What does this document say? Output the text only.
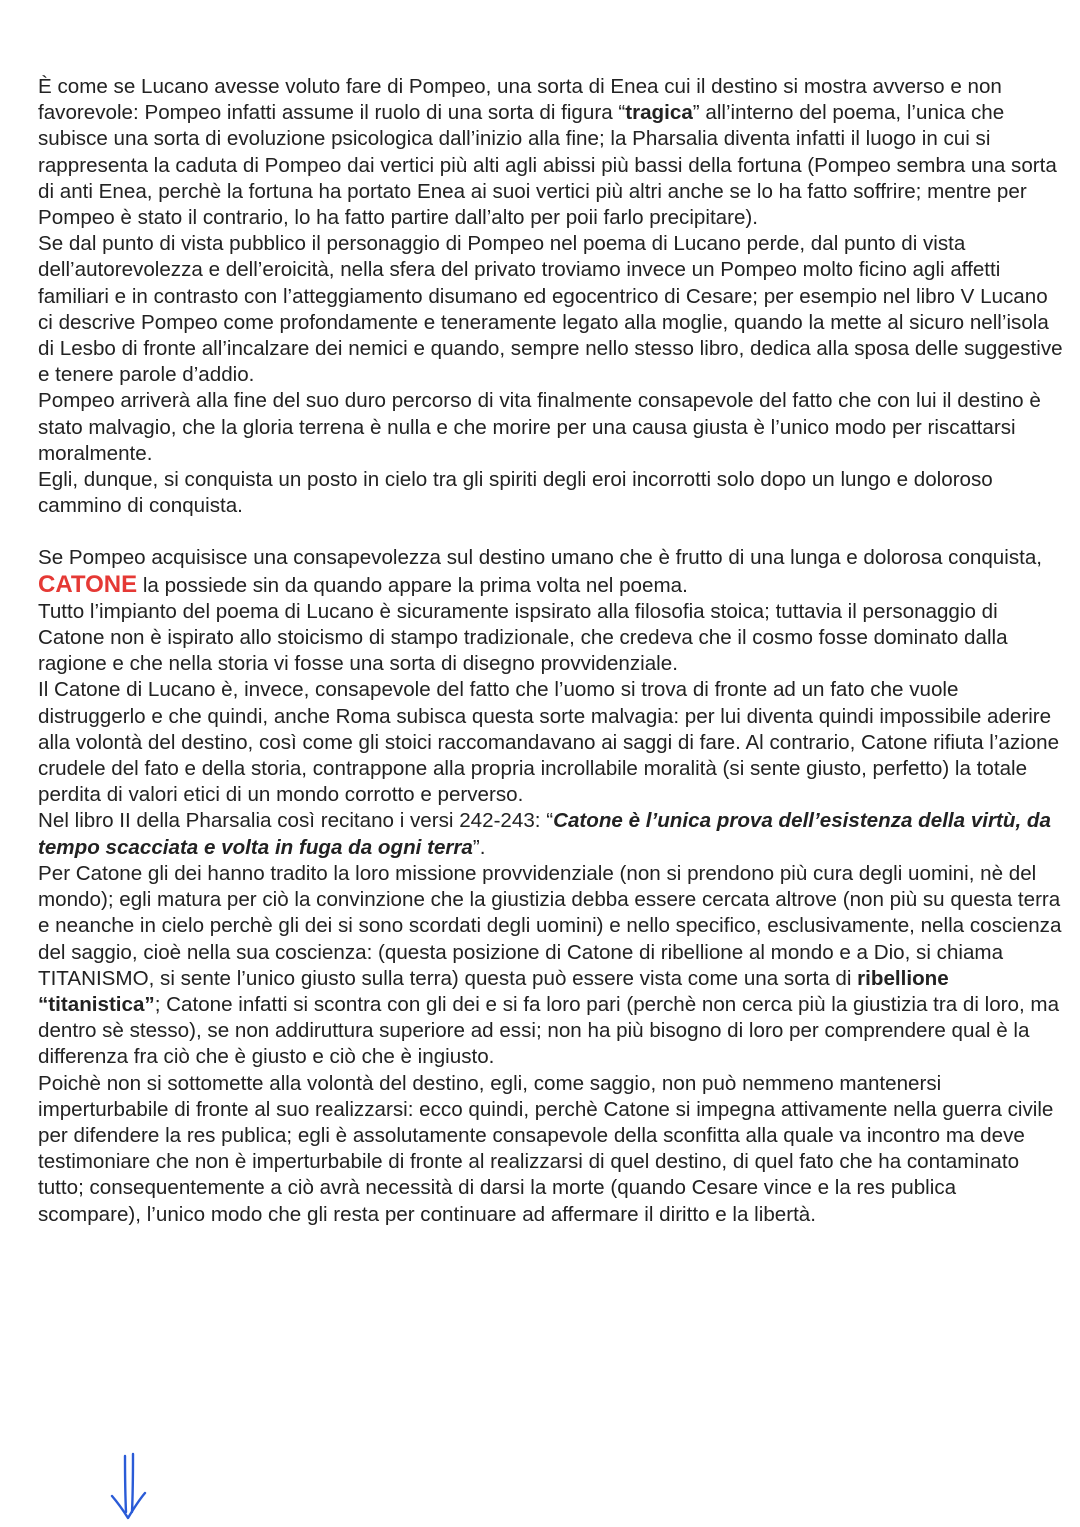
È come se Lucano avesse voluto fare di Pompeo, una sorta di Enea cui il destino si mostra avverso e non favorevole: Pompeo infatti assume il ruolo di una sorta di figura “tragica” all’interno del poema, l’unica che subisce una sorta di evoluzione psicologica dall’inizio alla fine; la Pharsalia diventa infatti il luogo in cui si rappresenta la caduta di Pompeo dai vertici più alti agli abissi più bassi della fortuna (Pompeo sembra una sorta di anti Enea, perchè la fortuna ha portato Enea ai suoi vertici più altri anche se lo ha fatto soffrire; mentre per Pompeo è stato il contrario, lo ha fatto partire dall’alto per poii farlo precipitare).

Se dal punto di vista pubblico il personaggio di Pompeo nel poema di Lucano perde, dal punto di vista dell’autorevolezza e dell’eroicità, nella sfera del privato troviamo invece un Pompeo molto ficino agli affetti familiari e in contrasto con l’atteggiamento disumano ed egocentrico di Cesare; per esempio nel libro V Lucano ci descrive Pompeo come profondamente e teneramente legato alla moglie, quando la mette al sicuro nell’isola di Lesbo di fronte all’incalzare dei nemici e quando, sempre nello stesso libro, dedica alla sposa delle suggestive e tenere parole d’addio.

Pompeo arriverà alla fine del suo duro percorso di vita finalmente consapevole del fatto che con lui il destino è stato malvagio, che la gloria terrena è nulla e che morire per una causa giusta è l’unico modo per riscattarsi moralmente.

Egli, dunque, si conquista un posto in cielo tra gli spiriti degli eroi incorrotti solo dopo un lungo e doloroso cammino di conquista.

Se Pompeo acquisisce una consapevolezza sul destino umano che è frutto di una lunga e dolorosa conquista, CATONE la possiede sin da quando appare la prima volta nel poema.

Tutto l’impianto del poema di Lucano è sicuramente ispsirato alla filosofia stoica; tuttavia il personaggio di Catone non è ispirato allo stoicismo di stampo tradizionale, che credeva che il cosmo fosse dominato dalla ragione e che nella storia vi fosse una sorta di disegno provvidenziale.

Il Catone di Lucano è, invece, consapevole del fatto che l’uomo si trova di fronte ad un fato che vuole distruggerlo e che quindi, anche Roma subisca questa sorte malvagia: per lui diventa quindi impossibile aderire alla volontà del destino, così come gli stoici raccomandavano ai saggi di fare. Al contrario, Catone rifiuta l’azione crudele del fato e della storia, contrappone alla propria incrollabile moralità (si sente giusto, perfetto) la totale perdita di valori etici di un mondo corrotto e perverso.

Nel libro II della Pharsalia così recitano i versi 242-243: “Catone è l’unica prova dell’esistenza della virtù, da tempo scacciata e volta in fuga da ogni terra”.

Per Catone gli dei hanno tradito la loro missione provvidenziale (non si prendono più cura degli uomini, nè del mondo); egli matura per ciò la convinzione che la giustizia debba essere cercata altrove (non più su questa terra e neanche in cielo perchè gli dei si sono scordati degli uomini) e nello specifico, esclusivamente, nella coscienza del saggio, cioè nella sua coscienza: (questa posizione di Catone di ribellione al mondo e a Dio, si chiama TITANISMO, si sente l’unico giusto sulla terra) questa può essere vista come una sorta di ribellione “titanistica”; Catone infatti si scontra con gli dei e si fa loro pari (perchè non cerca più la giustizia tra di loro, ma dentro sè stesso), se non addiruttura superiore ad essi; non ha più bisogno di loro per comprendere qual è la differenza fra ciò che è giusto e ciò che è ingiusto.

Poichè non si sottomette alla volontà del destino, egli, come saggio, non può nemmeno mantenersi imperturbabile di fronte al suo realizzarsi: ecco quindi, perchè Catone si impegna attivamente nella guerra civile per difendere la res publica; egli è assolutamente consapevole della sconfitta alla quale va incontro ma deve testimoniare che non è imperturbabile di fronte al realizzarsi di quel destino, di quel fato che ha contaminato tutto; consequentemente a ciò avrà necessità di darsi la morte (quando Cesare vince e la res publica scompare), l’unico modo che gli resta per continuare ad affermare il diritto e la libertà.
